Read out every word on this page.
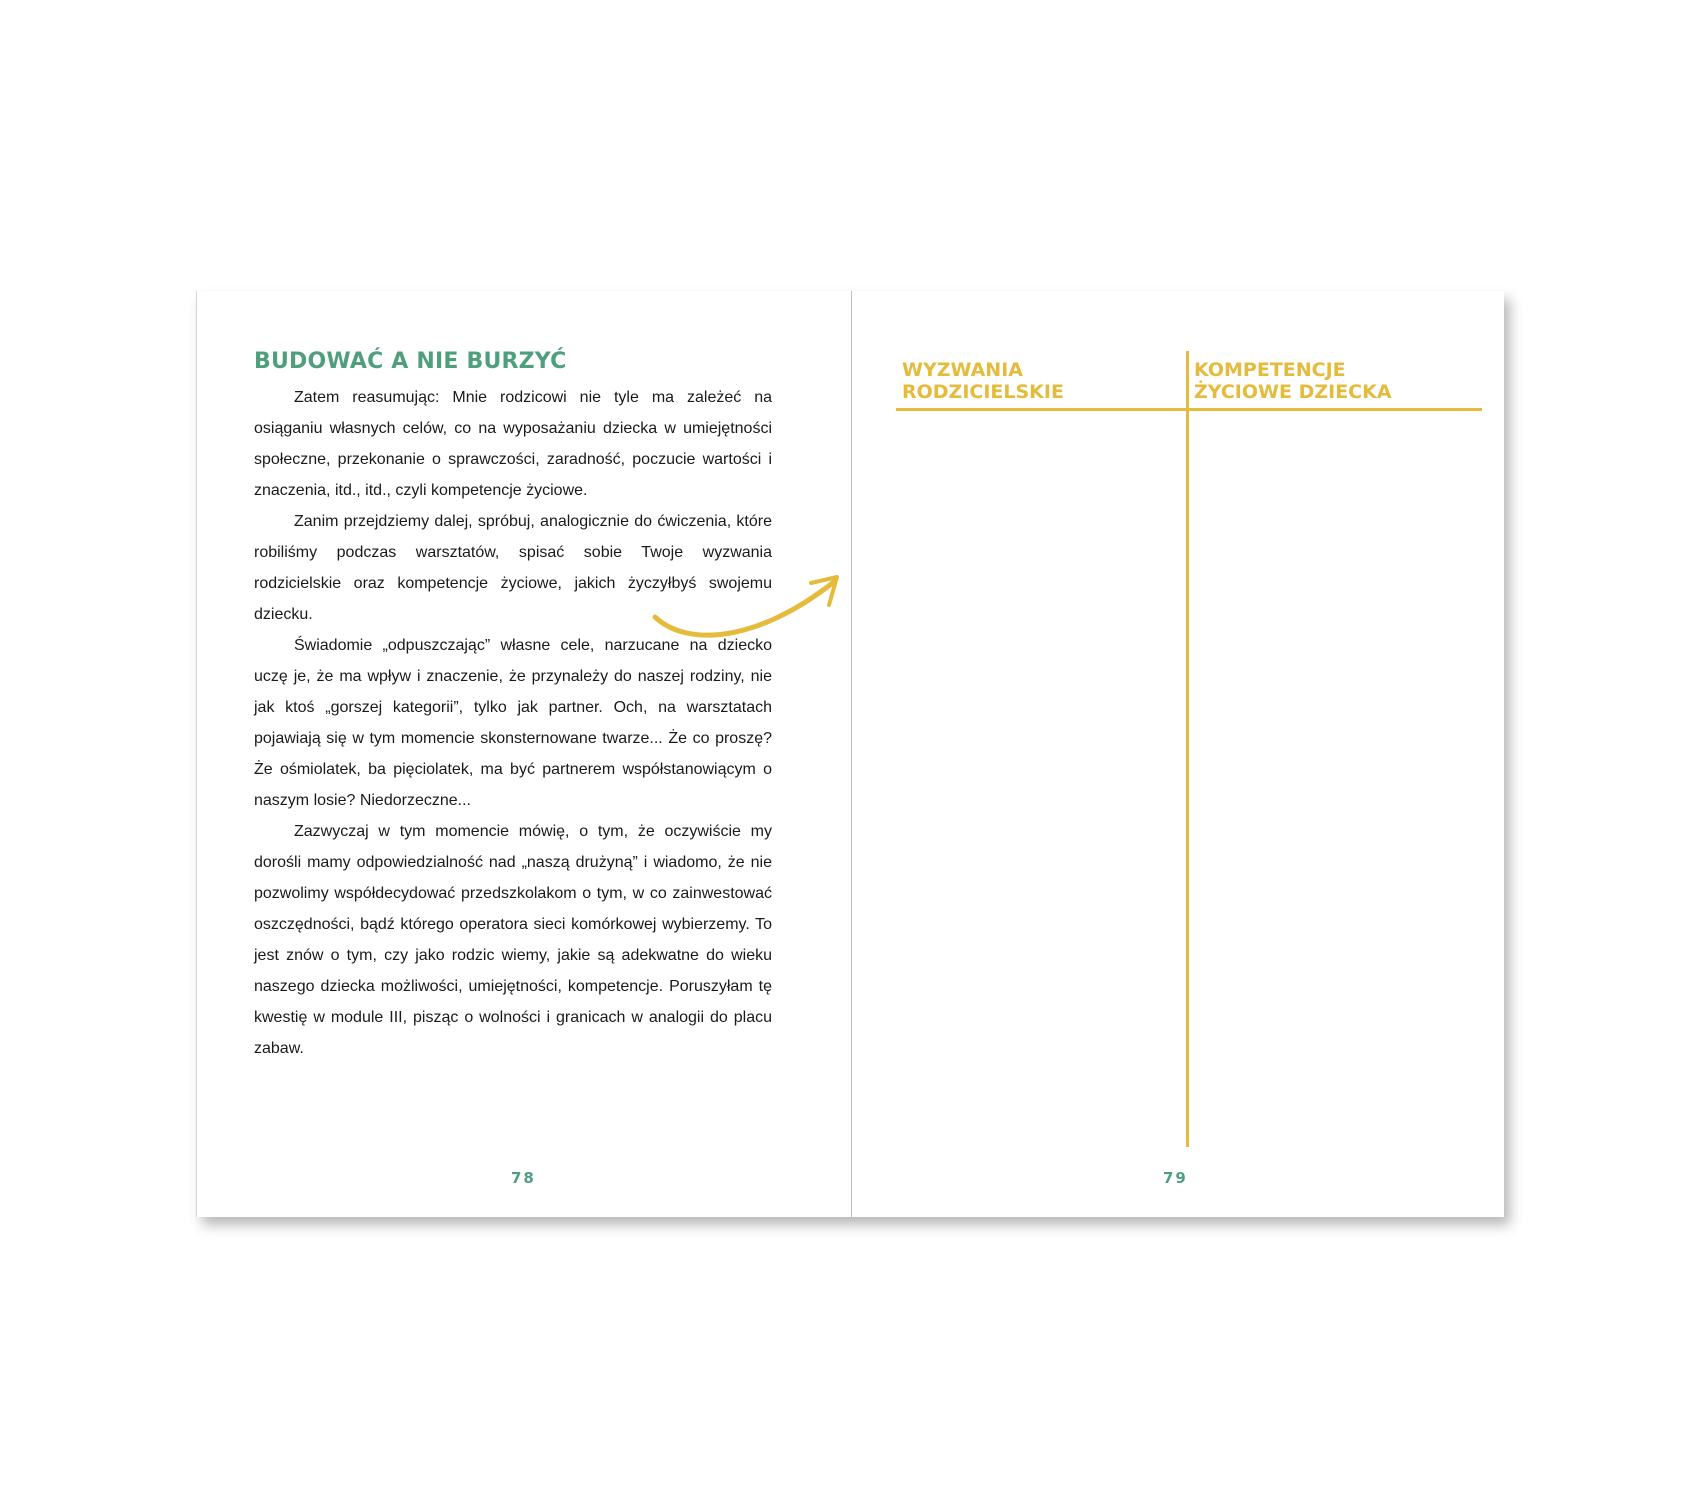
BUDOWAĆ A NIE BURZYĆ

Zatem reasumując: Mnie rodzicowi nie tyle ma zależeć na osiąganiu własnych celów, co na wyposażaniu dziecka w umiejętności społeczne, przekonanie o sprawczości, zaradność, poczucie wartości i znaczenia, itd., itd., czyli kompetencje życiowe.

Zanim przejdziemy dalej, spróbuj, analogicznie do ćwiczenia, które robiliśmy podczas warsztatów, spisać sobie Twoje wyzwania rodzicielskie oraz kompetencje życiowe, jakich życzyłbyś swojemu dziecku.

Świadomie „odpuszczając” własne cele, narzucane na dziecko uczę je, że ma wpływ i znaczenie, że przynależy do naszej rodziny, nie jak ktoś „gorszej kategorii”, tylko jak partner. Och, na warsztatach pojawiają się w tym momencie skonsternowane twarze... Że co proszę? Że ośmiolatek, ba pięciolatek, ma być partnerem współstanowiącym o naszym losie? Niedorzeczne...

Zazwyczaj w tym momencie mówię, o tym, że oczywiście my dorośli mamy odpowiedzialność nad „naszą drużyną” i wiadomo, że nie pozwolimy współdecydować przedszkolakom o tym, w co zainwestować oszczędności, bądź którego operatora sieci komórkowej wybierzemy. To jest znów o tym, czy jako rodzic wiemy, jakie są adekwatne do wieku naszego dziecka możliwości, umiejętności, kompetencje. Poruszyłam tę kwestię w module III, pisząc o wolności i granicach w analogii do placu zabaw.

78
WYZWANIA
RODZICIELSKIE
KOMPETENCJE
ŻYCIOWE DZIECKA
79
